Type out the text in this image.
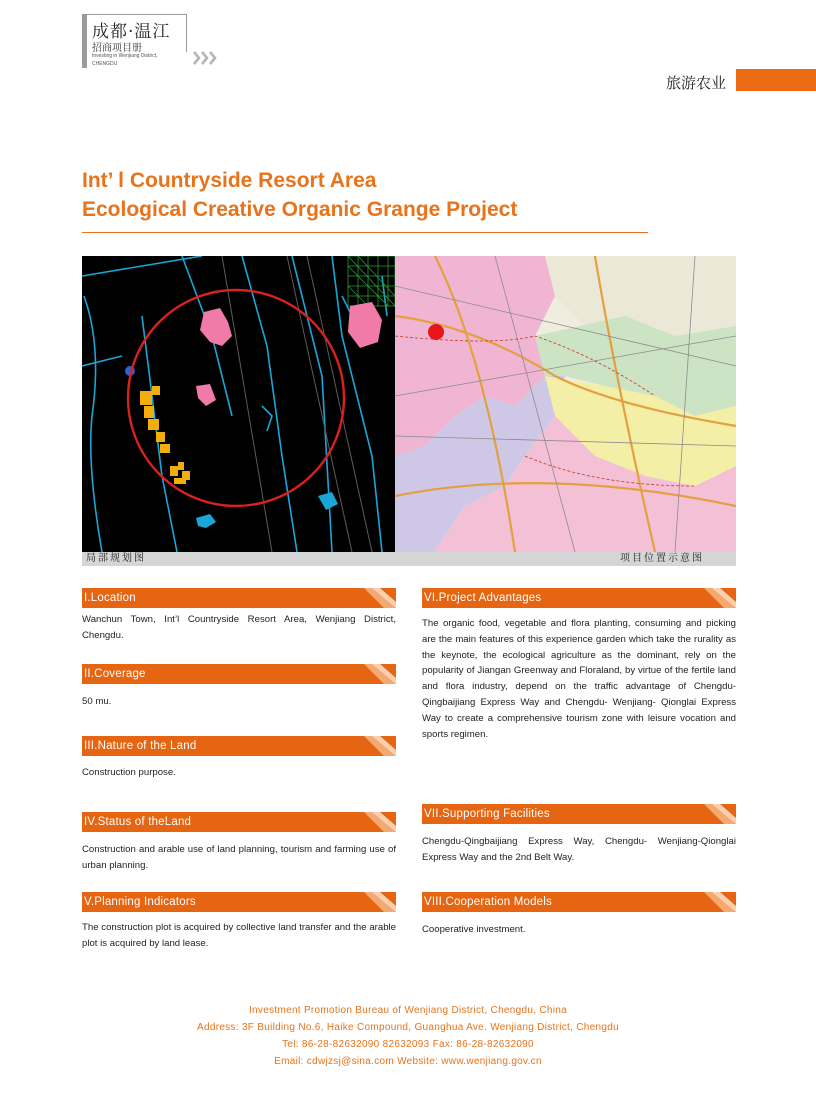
成都·温江
招商项目册
Investing in Wenjiang District,
CHENGDU
旅游农业
Int’ l Countryside Resort Area
Ecological Creative Organic Grange Project
局部规划图	项目位置示意图
I.Location
Wanchun Town, Int’l Countryside Resort Area, Wenjiang District, Chengdu.
II.Coverage
50 mu.
III.Nature of the Land
Construction purpose.
IV.Status of theLand
Construction and arable use of land planning, tourism and farming use of urban planning.
V.Planning Indicators
The construction plot is acquired by collective land transfer and the arable plot is acquired by land lease.
VI.Project Advantages
The organic food, vegetable and flora planting, consuming and picking are the main features of this experience garden which take the rurality as the keynote, the ecological agriculture as the dominant, rely on the popularity of Jiangan Greenway and Floraland, by virtue of the fertile land and flora industry, depend on the traffic advantage of Chengdu- Qingbaijiang Express Way and Chengdu- Wenjiang- Qionglai Express Way to create a comprehensive tourism zone with leisure vocation and sports regimen.
VII.Supporting Facilities
Chengdu-Qingbaijiang Express Way, Chengdu- Wenjiang-Qionglai Express Way and the 2nd Belt Way.
VIII.Cooperation Models
Cooperative investment.

Investment Promotion Bureau of Wenjiang District, Chengdu, China

Address: 3F Building No.6, Haike Compound, Guanghua Ave. Wenjiang District, Chengdu

Tel: 86-28-82632090 82632093 Fax: 86-28-82632090

Email: cdwjzsj@sina.com Website: www.wenjiang.gov.cn
